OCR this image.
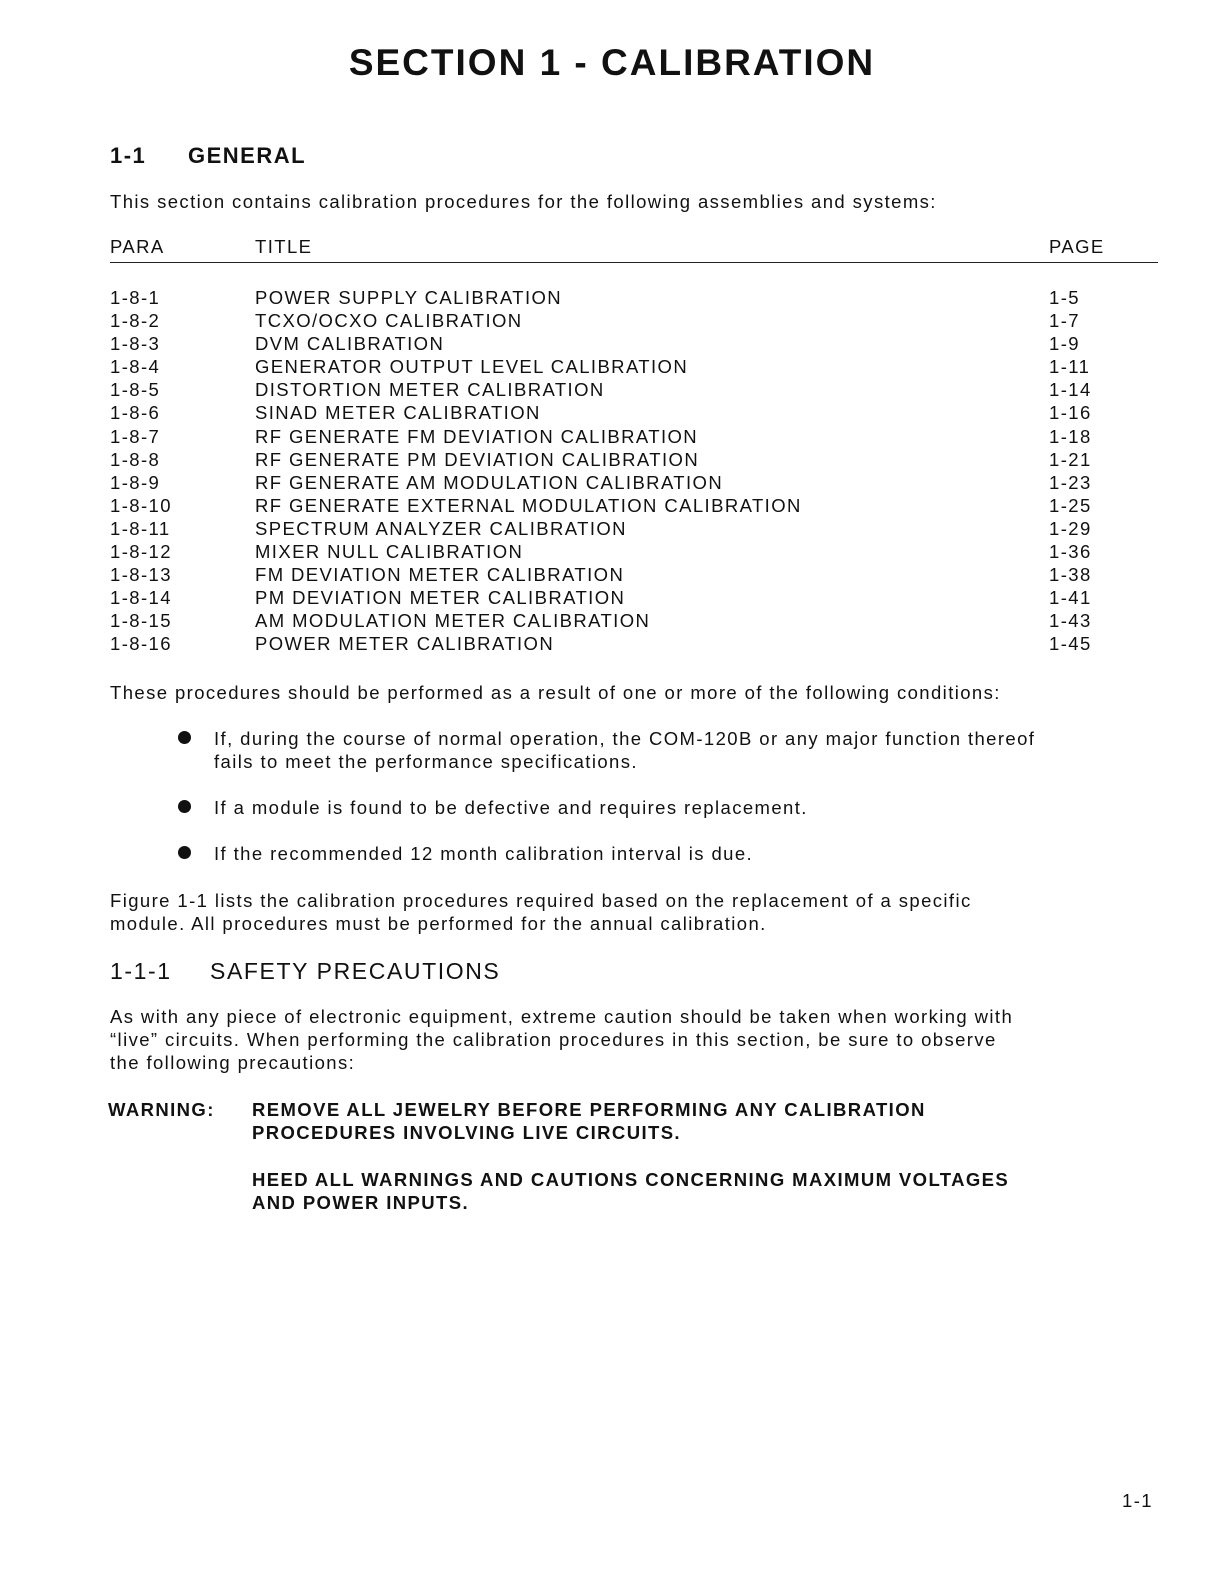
SECTION 1 - CALIBRATION
1-1 GENERAL
This section contains calibration procedures for the following assemblies and systems:
PARA	TITLE	PAGE
1-8-1	POWER SUPPLY CALIBRATION	1-5
1-8-2	TCXO/OCXO CALIBRATION	1-7
1-8-3	DVM CALIBRATION	1-9
1-8-4	GENERATOR OUTPUT LEVEL CALIBRATION	1-11
1-8-5	DISTORTION METER CALIBRATION	1-14
1-8-6	SINAD METER CALIBRATION	1-16
1-8-7	RF GENERATE FM DEVIATION CALIBRATION	1-18
1-8-8	RF GENERATE PM DEVIATION CALIBRATION	1-21
1-8-9	RF GENERATE AM MODULATION CALIBRATION	1-23
1-8-10	RF GENERATE EXTERNAL MODULATION CALIBRATION	1-25
1-8-11	SPECTRUM ANALYZER CALIBRATION	1-29
1-8-12	MIXER NULL CALIBRATION	1-36
1-8-13	FM DEVIATION METER CALIBRATION	1-38
1-8-14	PM DEVIATION METER CALIBRATION	1-41
1-8-15	AM MODULATION METER CALIBRATION	1-43
1-8-16	POWER METER CALIBRATION	1-45
These procedures should be performed as a result of one or more of the following conditions:
If, during the course of normal operation, the COM-120B or any major function thereof
fails to meet the performance specifications.
If a module is found to be defective and requires replacement.
If the recommended 12 month calibration interval is due.
Figure 1-1 lists the calibration procedures required based on the replacement of a specific
module. All procedures must be performed for the annual calibration.
1-1-1 SAFETY PRECAUTIONS
As with any piece of electronic equipment, extreme caution should be taken when working with
“live” circuits. When performing the calibration procedures in this section, be sure to observe
the following precautions:
WARNING: REMOVE ALL JEWELRY BEFORE PERFORMING ANY CALIBRATION
PROCEDURES INVOLVING LIVE CIRCUITS.
HEED ALL WARNINGS AND CAUTIONS CONCERNING MAXIMUM VOLTAGES
AND POWER INPUTS.
1-1
